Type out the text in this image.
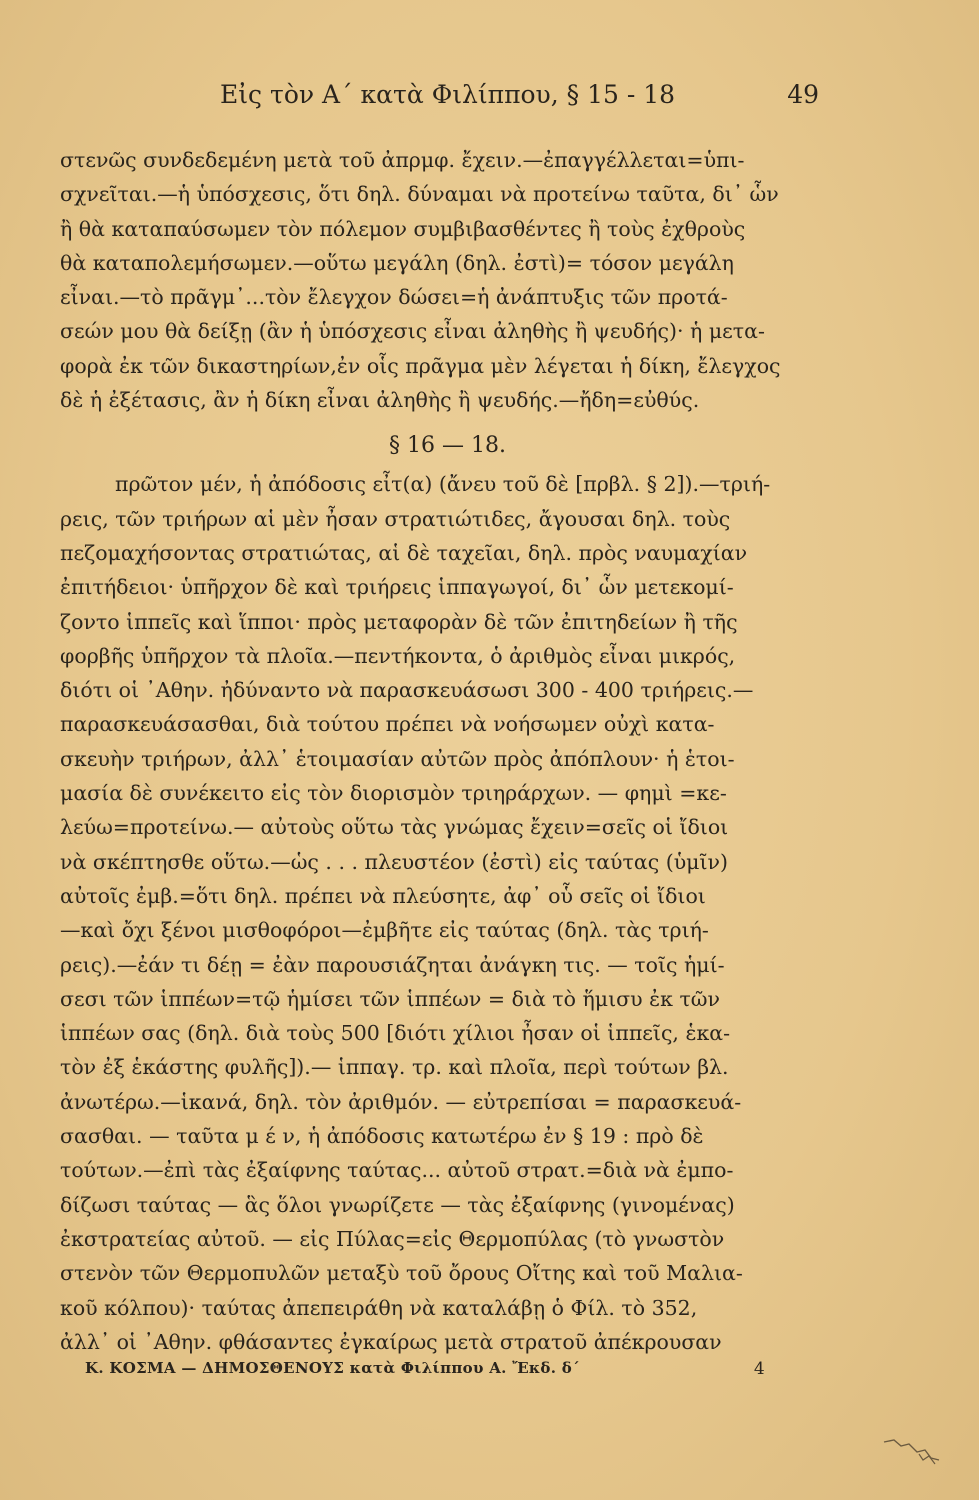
Εἰς τὸν Α΄ κατὰ Φιλίππου, § 15 - 18	49
στενῶς συνδεδεμένη μετὰ τοῦ ἀπρμφ. ἔχειν.—ἐπαγγέλλεται=ὑπι-
σχνεῖται.—ἡ ὑπόσχεσις, ὅτι δηλ. δύναμαι νὰ προτείνω ταῦτα, δι᾽ ὧν
ἢ θὰ καταπαύσωμεν τὸν πόλεμον συμβιβασθέντες ἢ τοὺς ἐχθροὺς
θὰ καταπολεμήσωμεν.—οὕτω μεγάλη (δηλ. ἐστὶ)= τόσον μεγάλη
εἶναι.—τὸ πρᾶγμ᾽...τὸν ἔλεγχον δώσει=ἡ ἀνάπτυξις τῶν προτά-
σεών μου θὰ δείξῃ (ἂν ἡ ὑπόσχεσις εἶναι ἀληθὴς ἢ ψευδής)· ἡ μετα-
φορὰ ἐκ τῶν δικαστηρίων,ἐν οἷς πρᾶγμα μὲν λέγεται ἡ δίκη, ἔλεγχος
δὲ ἡ ἐξέτασις, ἂν ἡ δίκη εἶναι ἀληθὴς ἢ ψευδής.—ἤδη=εὐθύς.
§ 16 — 18.
πρῶτον μέν, ἡ ἀπόδοσις εἶτ(α) (ἄνευ τοῦ δὲ [πρβλ. § 2]).—τριή-
ρεις, τῶν τριήρων αἱ μὲν ἦσαν στρατιώτιδες, ἄγουσαι δηλ. τοὺς
πεζομαχήσοντας στρατιώτας, αἱ δὲ ταχεῖαι, δηλ. πρὸς ναυμαχίαν
ἐπιτήδειοι· ὑπῆρχον δὲ καὶ τριήρεις ἱππαγωγοί, δι᾽ ὧν μετεκομί-
ζοντο ἱππεῖς καὶ ἵπποι· πρὸς μεταφορὰν δὲ τῶν ἐπιτηδείων ἢ τῆς
φορβῆς ὑπῆρχον τὰ πλοῖα.—πεντήκοντα, ὁ ἀριθμὸς εἶναι μικρός,
διότι οἱ ᾽Αθην. ἠδύναντο νὰ παρασκευάσωσι 300 - 400 τριήρεις.—
παρασκευάσασθαι, διὰ τούτου πρέπει νὰ νοήσωμεν οὐχὶ κατα-
σκευὴν τριήρων, ἀλλ᾽ ἑτοιμασίαν αὐτῶν πρὸς ἀπόπλουν· ἡ ἑτοι-
μασία δὲ συνέκειτο εἰς τὸν διορισμὸν τριηράρχων. — φημὶ =κε-
λεύω=προτείνω.— αὐτοὺς οὕτω τὰς γνώμας ἔχειν=σεῖς οἱ ἴδιοι
νὰ σκέπτησθε οὕτω.—ὡς . . . πλευστέον (ἐστὶ) εἰς ταύτας (ὑμῖν)
αὐτοῖς ἐμβ.=ὅτι δηλ. πρέπει νὰ πλεύσητε, ἀφ᾽ οὗ σεῖς οἱ ἴδιοι
—καὶ ὄχι ξένοι μισθοφόροι—ἐμβῆτε εἰς ταύτας (δηλ. τὰς τριή-
ρεις).—ἐάν τι δέῃ = ἐὰν παρουσιάζηται ἀνάγκη τις. — τοῖς ἡμί-
σεσι τῶν ἱππέων=τῷ ἡμίσει τῶν ἱππέων = διὰ τὸ ἥμισυ ἐκ τῶν
ἱππέων σας (δηλ. διὰ τοὺς 500 [διότι χίλιοι ἦσαν οἱ ἱππεῖς, ἑκα-
τὸν ἐξ ἑκάστης φυλῆς]).— ἱππαγ. τρ. καὶ πλοῖα, περὶ τούτων βλ.
ἀνωτέρω.—ἱκανά, δηλ. τὸν ἀριθμόν. — εὐτρεπίσαι = παρασκευά-
σασθαι. — ταῦτα μ έ ν, ἡ ἀπόδοσις κατωτέρω ἐν § 19 : πρὸ δὲ
τούτων.—ἐπὶ τὰς ἐξαίφνης ταύτας... αὐτοῦ στρατ.=διὰ νὰ ἐμπο-
δίζωσι ταύτας — ἃς ὅλοι γνωρίζετε — τὰς ἐξαίφνης (γινομένας)
ἐκστρατείας αὐτοῦ. — εἰς Πύλας=εἰς Θερμοπύλας (τὸ γνωστὸν
στενὸν τῶν Θερμοπυλῶν μεταξὺ τοῦ ὄρους Οἴτης καὶ τοῦ Μαλια-
κοῦ κόλπου)· ταύτας ἀπεπειράθη νὰ καταλάβῃ ὁ Φίλ. τὸ 352,
ἀλλ᾽ οἱ ᾽Αθην. φθάσαντες ἐγκαίρως μετὰ στρατοῦ ἀπέκρουσαν
Κ. ΚΟΣΜΑ — ΔΗΜΟΣΘΕΝΟΥΣ κατὰ Φιλίππου Α. Ἔκδ. δ΄	4
